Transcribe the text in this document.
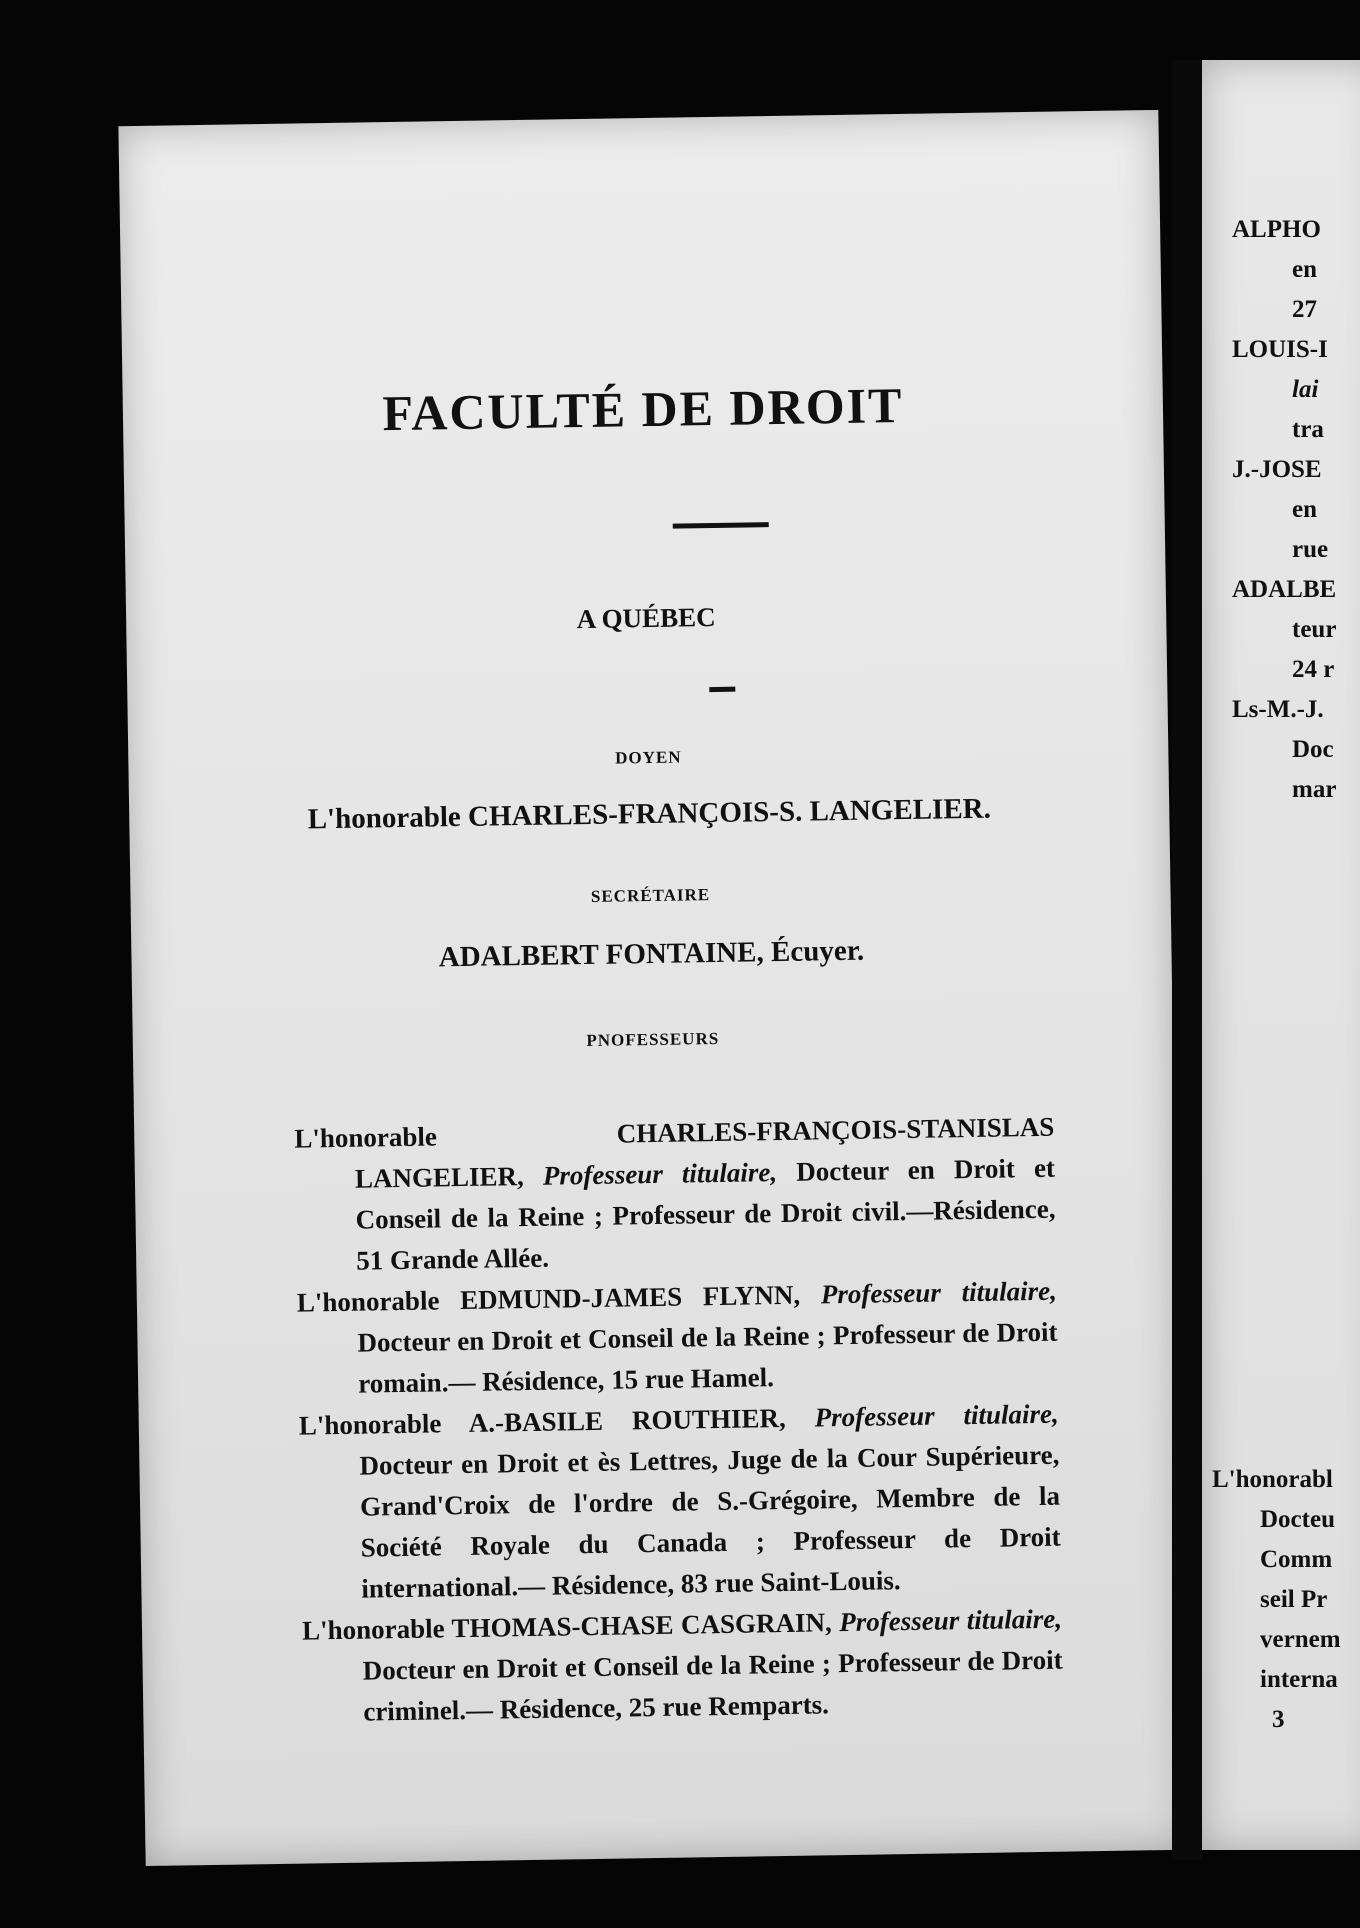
FACULTÉ DE DROIT
A QUÉBEC
DOYEN
L'honorable CHARLES-FRANÇOIS-S. LANGELIER.
SECRÉTAIRE
ADALBERT FONTAINE, Écuyer.
PNOFESSEURS

L'honorable CHARLES-FRANÇOIS-STANISLAS LANGELIER, Professeur titulaire, Docteur en Droit et Conseil de la Reine ; Professeur de Droit civil.—Résidence, 51 Grande Allée.

L'honorable EDMUND-JAMES FLYNN, Professeur titulaire, Docteur en Droit et Conseil de la Reine ; Professeur de Droit romain.— Résidence, 15 rue Hamel.

L'honorable A.-BASILE ROUTHIER, Professeur titulaire, Docteur en Droit et ès Lettres, Juge de la Cour Supérieure, Grand'Croix de l'ordre de S.-Grégoire, Membre de la Société Royale du Canada ; Professeur de Droit international.— Résidence, 83 rue Saint-Louis.

L'honorable THOMAS-CHASE CASGRAIN, Professeur titulaire, Docteur en Droit et Conseil de la Reine ; Professeur de Droit criminel.— Résidence, 25 rue Remparts.

ALPHO
en
27
LOUIS-I
lai
tra
J.-JOSE
en
rue
ADALBE
teur
24 r
Ls-M.-J.
Doc
mar
L'honorabl
Docteu
Comm
seil Pr
vernem
interna
3
